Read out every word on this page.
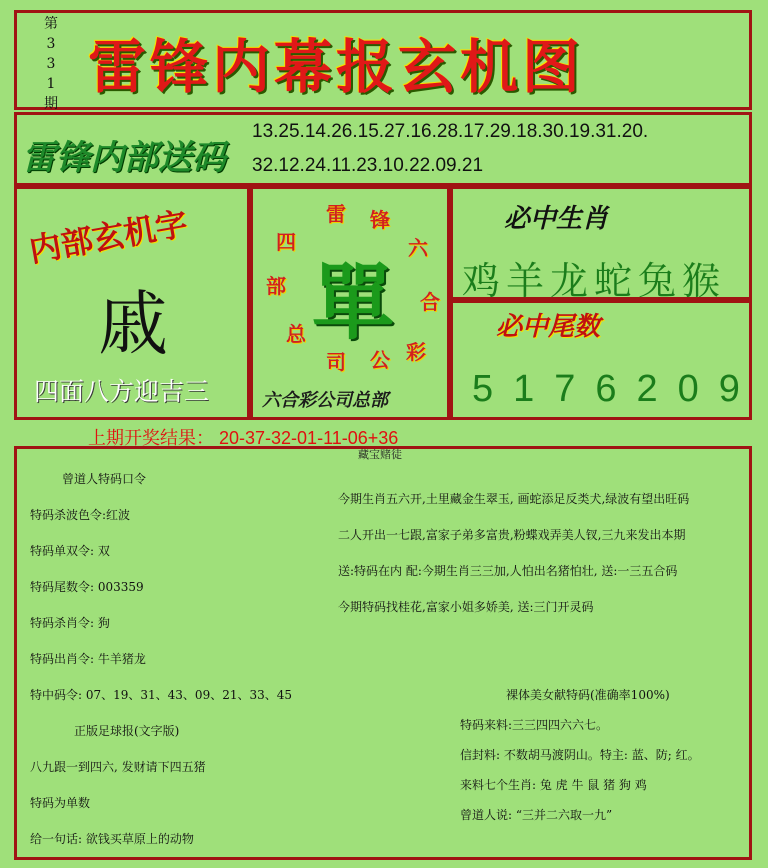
第
3
3
1
期
雷锋内幕报玄机图
雷锋内部送码
13.25.14.26.15.27.16.28.17.29.18.30.19.31.20.
32.12.24.11.23.10.22.09.21
内部玄机字
戚
四面八方迎吉三
雷 锋
六
合
彩
公
司
总
部
四
單
六合彩公司总部
必中生肖
鸡羊龙蛇兔猴
必中尾数
5176209
上期开奖结果： 20-37-32-01-11-06+36
藏宝赌徒

曾道人特码口令

特码杀波色令:红波

特码单双令: 双

特码尾数令: 003359

特码杀肖令: 狗

特码出肖令: 牛羊猪龙

特中码令: 07、19、31、43、09、21、33、45

正版足球报(文字版)

八九跟一到四六, 发财请下四五猪

特码为单数

给一句话: 欲钱买草原上的动物

今期生肖五六开,土里藏金生翠玉, 画蛇添足反类犬,绿波有望出旺码

二人开出一七跟,富家子弟多富贵,粉蝶戏弄美人钗,三九来发出本期

送:特码在内 配:今期生肖三三加,人怕出名猪怕壮, 送:一三五合码

今期特码找桂花,富家小姐多娇美, 送:三门开灵码

裸体美女献特码(准确率100%)

特码来料:三三四四六六七。

信封料: 不数胡马渡阴山。特主: 蓝、防; 红。

来料七个生肖: 兔 虎 牛 鼠 猪 狗 鸡

曾道人说: “三并二六取一九”
